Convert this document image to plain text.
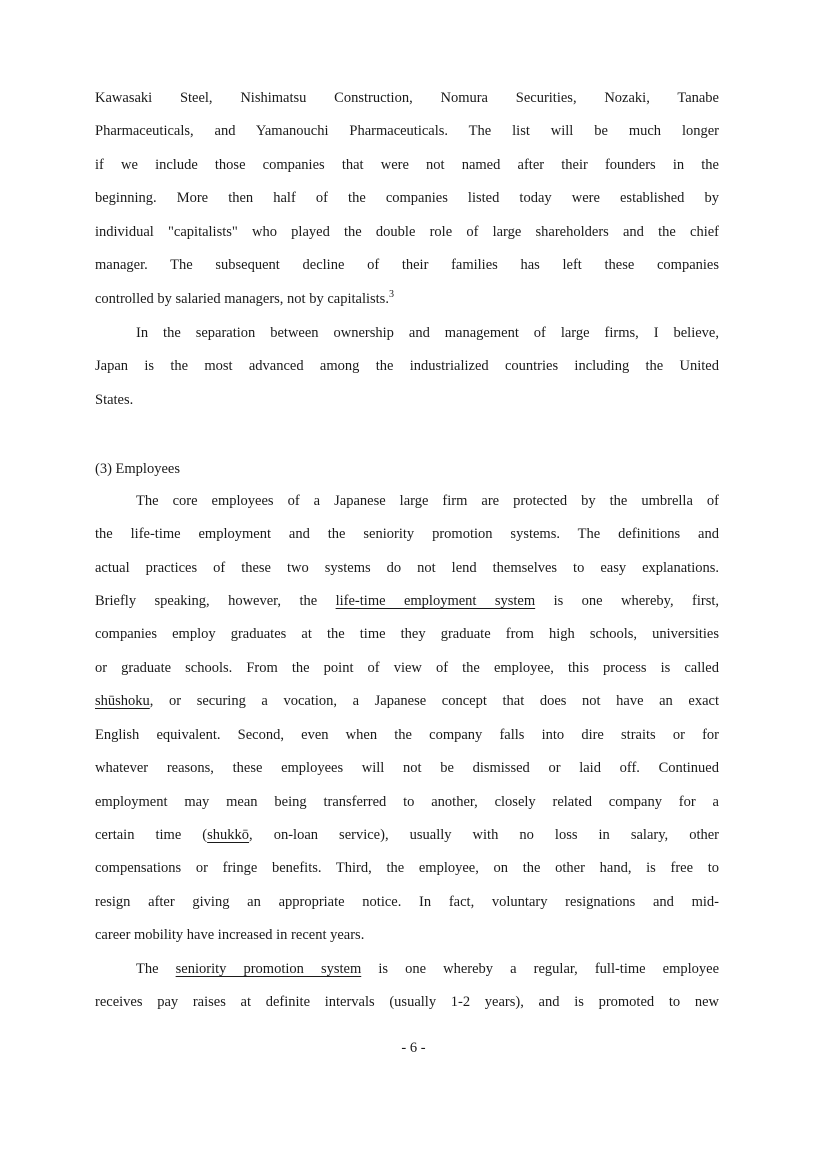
Kawasaki Steel, Nishimatsu Construction, Nomura Securities, Nozaki, Tanabe
Pharmaceuticals, and Yamanouchi Pharmaceuticals. The list will be much longer
if we include those companies that were not named after their founders in the
beginning. More then half of the companies listed today were established by
individual "capitalists" who played the double role of large shareholders and the chief
manager. The subsequent decline of their families has left these companies
controlled by salaried managers, not by capitalists.$^3$
In the separation between ownership and management of large firms, I believe,
Japan is the most advanced among the industrialized countries including the United
States.
(3) Employees
The core employees of a Japanese large firm are protected by the umbrella of
the life-time employment and the seniority promotion systems. The definitions and
actual practices of these two systems do not lend themselves to easy explanations.
Briefly speaking, however, the life-time employment system is one whereby, first,
companies employ graduates at the time they graduate from high schools, universities
or graduate schools. From the point of view of the employee, this process is called
shūshoku, or securing a vocation, a Japanese concept that does not have an exact
English equivalent. Second, even when the company falls into dire straits or for
whatever reasons, these employees will not be dismissed or laid off. Continued
employment may mean being transferred to another, closely related company for a
certain time (shukkō, on-loan service), usually with no loss in salary, other
compensations or fringe benefits. Third, the employee, on the other hand, is free to
resign after giving an appropriate notice. In fact, voluntary resignations and mid-
career mobility have increased in recent years.
The seniority promotion system is one whereby a regular, full-time employee
receives pay raises at definite intervals (usually 1-2 years), and is promoted to new
- 6 -
